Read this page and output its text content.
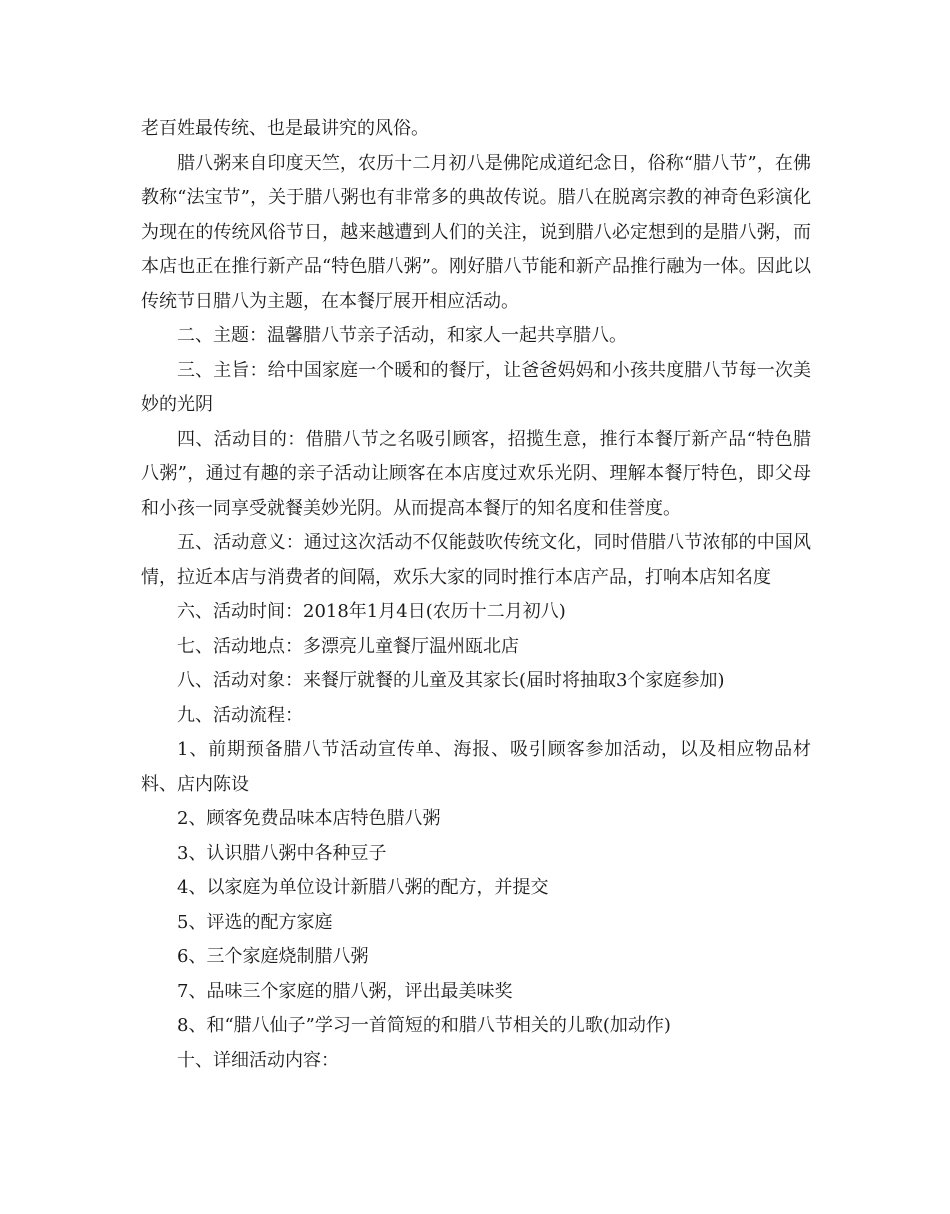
老百姓最传统、也是最讲究的风俗。

腊八粥来自印度天竺，农历十二月初八是佛陀成道纪念日，俗称“腊八节”，在佛教称“法宝节”，关于腊八粥也有非常多的典故传说。腊八在脱离宗教的神奇色彩演化为现在的传统风俗节日，越来越遭到人们的关注，说到腊八必定想到的是腊八粥，而本店也正在推行新产品“特色腊八粥”。刚好腊八节能和新产品推行融为一体。因此以传统节日腊八为主题，在本餐厅展开相应活动。

二、主题：温馨腊八节亲子活动，和家人一起共享腊八。

三、主旨：给中国家庭一个暖和的餐厅，让爸爸妈妈和小孩共度腊八节每一次美妙的光阴

四、活动目的：借腊八节之名吸引顾客，招揽生意，推行本餐厅新产品“特色腊八粥”，通过有趣的亲子活动让顾客在本店度过欢乐光阴、理解本餐厅特色，即父母和小孩一同享受就餐美妙光阴。从而提高本餐厅的知名度和佳誉度。

五、活动意义：通过这次活动不仅能鼓吹传统文化，同时借腊八节浓郁的中国风情，拉近本店与消费者的间隔，欢乐大家的同时推行本店产品，打响本店知名度

六、活动时间：2018年1月4日(农历十二月初八)

七、活动地点：多漂亮儿童餐厅温州瓯北店

八、活动对象：来餐厅就餐的儿童及其家长(届时将抽取3个家庭参加)

九、活动流程：

1、前期预备腊八节活动宣传单、海报、吸引顾客参加活动，以及相应物品材料、店内陈设

2、顾客免费品味本店特色腊八粥

3、认识腊八粥中各种豆子

4、以家庭为单位设计新腊八粥的配方，并提交

5、评选的配方家庭

6、三个家庭烧制腊八粥

7、品味三个家庭的腊八粥，评出最美味奖

8、和“腊八仙子”学习一首简短的和腊八节相关的儿歌(加动作)

十、详细活动内容：
